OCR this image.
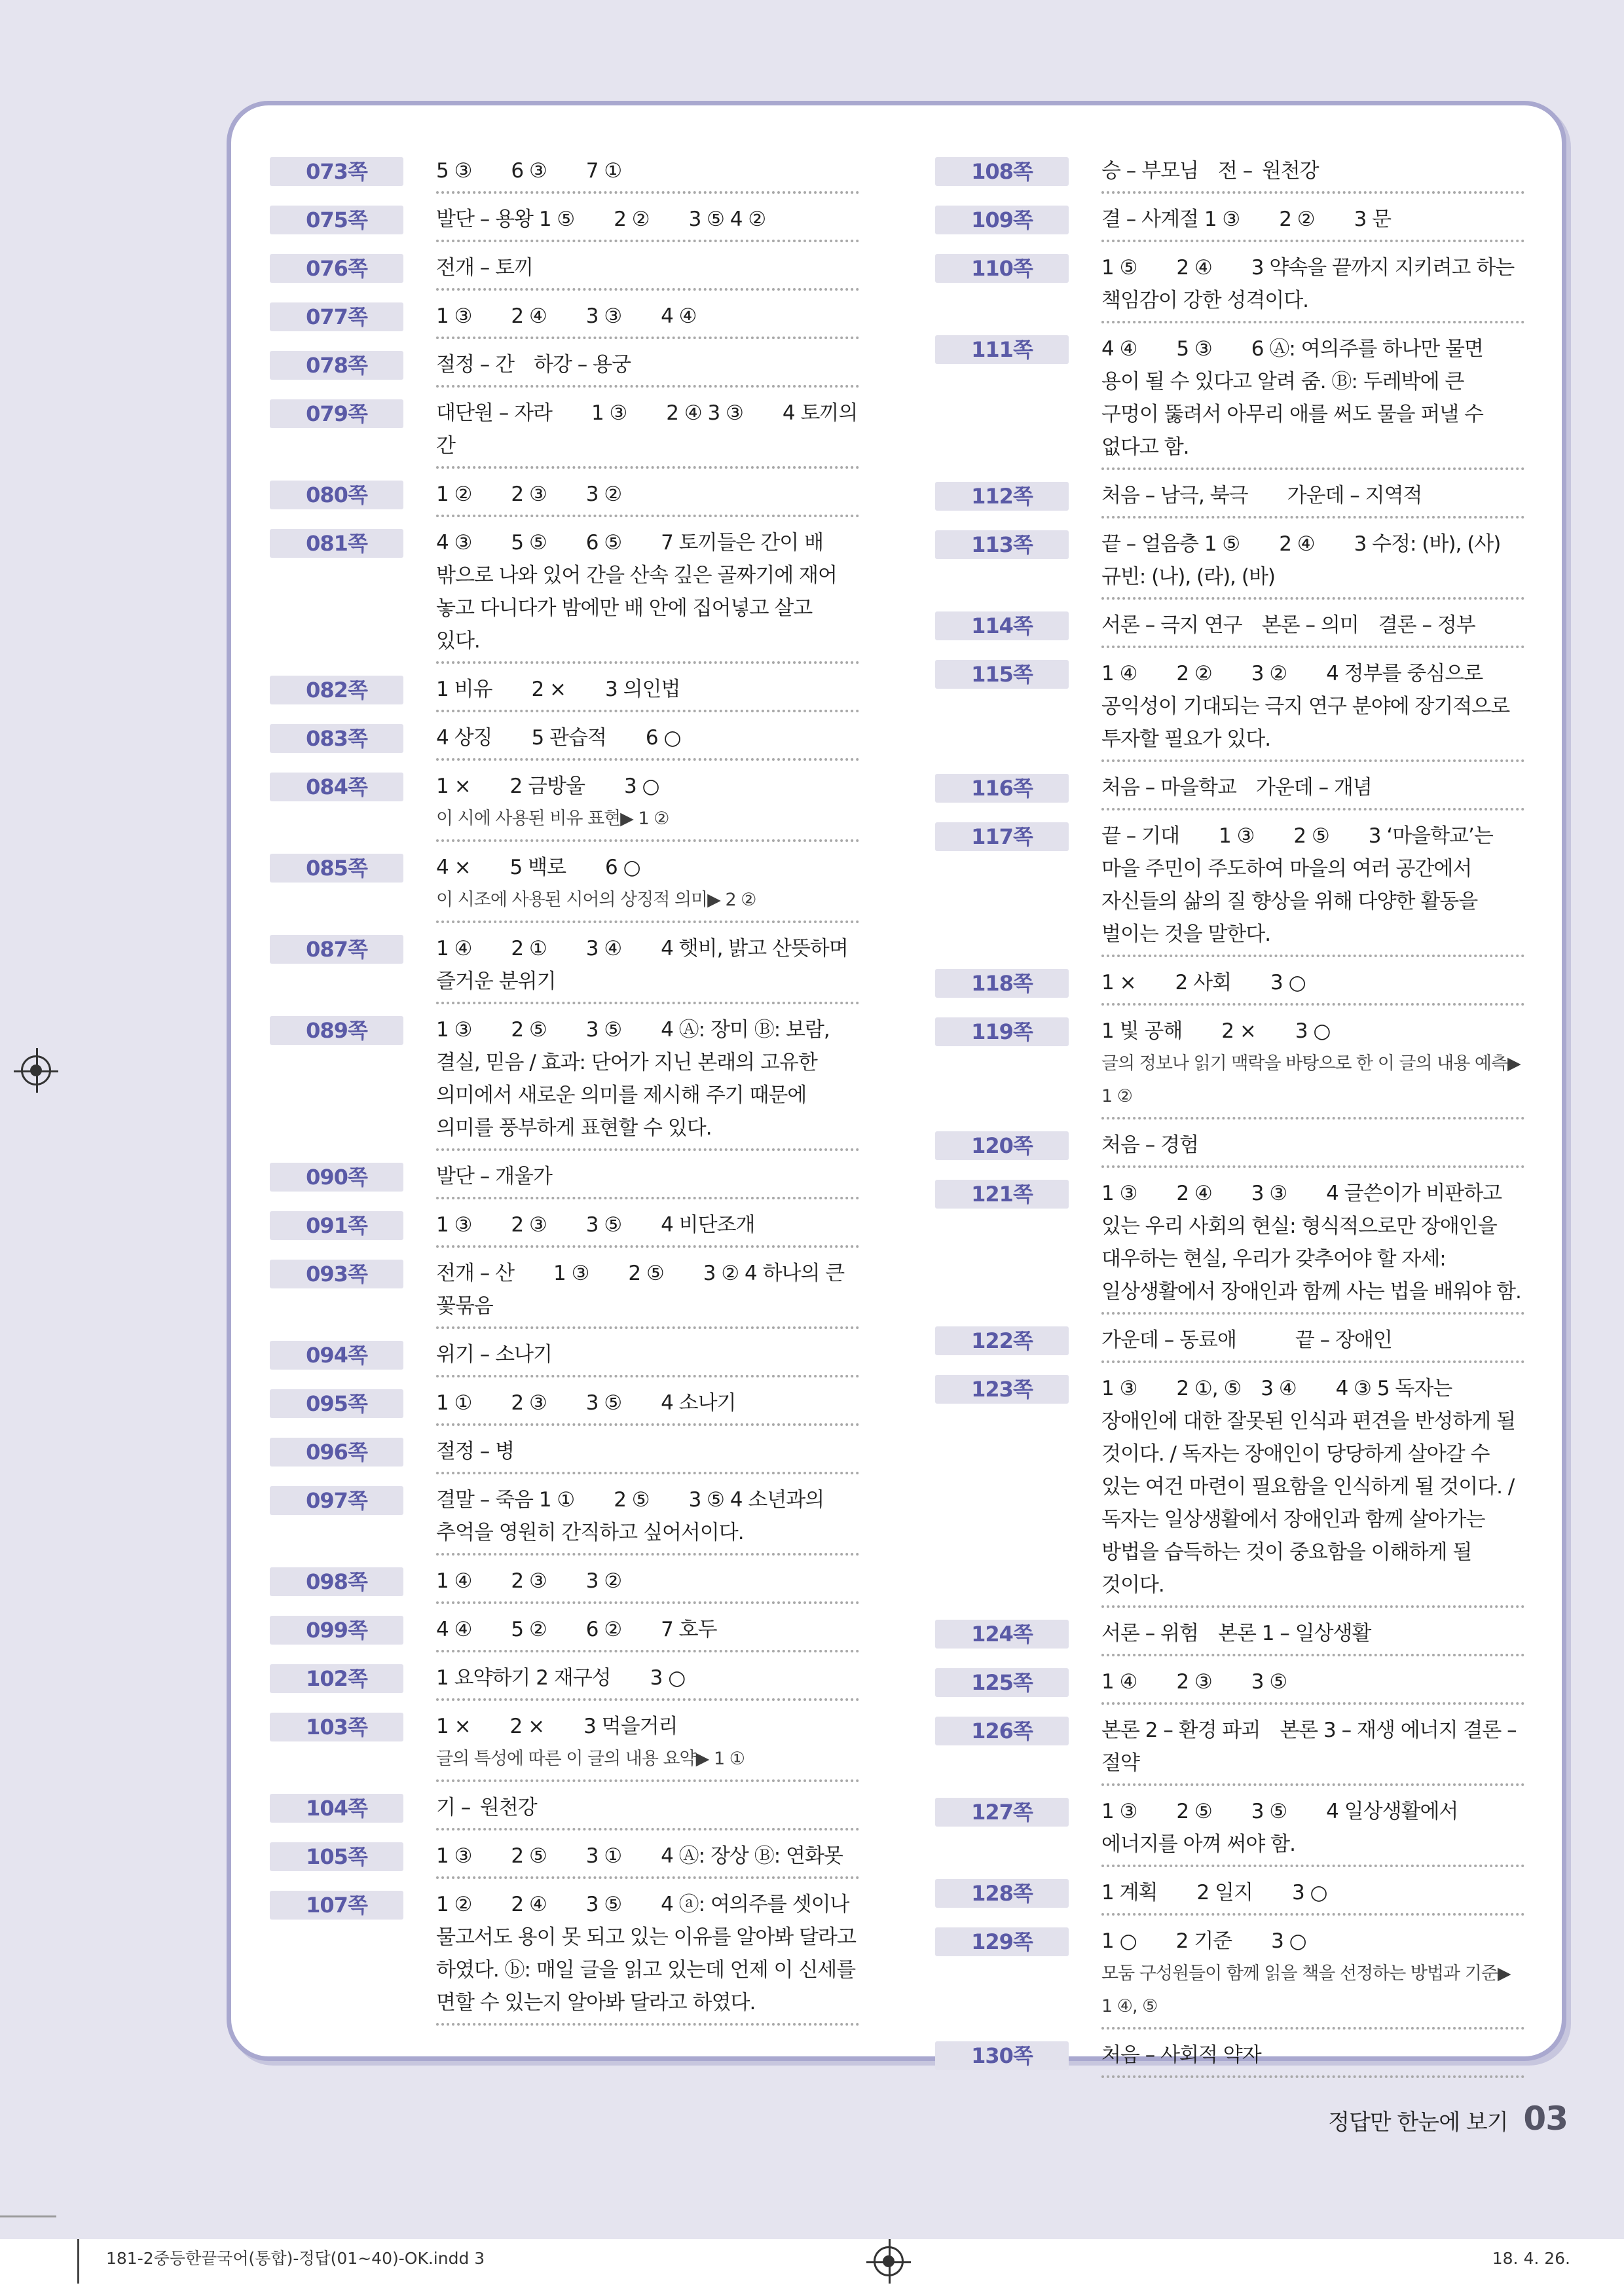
073쪽	5 ③  6 ③  7 ①
075쪽	발단 – 용왕 1 ⑤  2 ②  3 ⑤ 4 ②
076쪽	전개 – 토끼
077쪽	1 ③  2 ④  3 ③  4 ④
078쪽	절정 – 간 하강 – 용궁
079쪽	대단원 – 자라  1 ③  2 ④ 3 ③  4 토끼의 간
080쪽	1 ②  2 ③  3 ②
081쪽	4 ③  5 ⑤  6 ⑤  7 토끼들은 간이 배 밖으로 나와 있어 간을 산속 깊은 골짜기에 재어 놓고 다니다가 밤에만 배 안에 집어넣고 살고 있다.
082쪽	1 비유  2 ×  3 의인법
083쪽	4 상징  5 관습적  6 ○
084쪽	1 ×  2 금방울  3 ○
이 시에 사용된 비유 표현▶ 1 ②
085쪽	4 ×  5 백로  6 ○
이 시조에 사용된 시어의 상징적 의미▶ 2 ②
087쪽	1 ④  2 ①  3 ④  4 햇비, 밝고 산뜻하며 즐거운 분위기
089쪽	1 ③  2 ⑤  3 ⑤  4 Ⓐ: 장미 Ⓑ: 보람, 결실, 믿음 / 효과: 단어가 지닌 본래의 고유한 의미에서 새로운 의미를 제시해 주기 때문에 의미를 풍부하게 표현할 수 있다.
090쪽	발단 – 개울가
091쪽	1 ③  2 ③  3 ⑤  4 비단조개
093쪽	전개 – 산  1 ③  2 ⑤  3 ② 4 하나의 큰 꽃묶음
094쪽	위기 – 소나기
095쪽	1 ①  2 ③  3 ⑤  4 소나기
096쪽	절정 – 병
097쪽	결말 – 죽음 1 ①  2 ⑤  3 ⑤ 4 소년과의 추억을 영원히 간직하고 싶어서이다.
098쪽	1 ④  2 ③  3 ②
099쪽	4 ④  5 ②  6 ②  7 호두
102쪽	1 요약하기 2 재구성  3 ○
103쪽	1 ×  2 ×  3 먹을거리
글의 특성에 따른 이 글의 내용 요약▶ 1 ①
104쪽	기 – 원천강
105쪽	1 ③  2 ⑤  3 ①  4 Ⓐ: 장상 Ⓑ: 연화못
107쪽	1 ②  2 ④  3 ⑤  4 ⓐ: 여의주를 셋이나 물고서도 용이 못 되고 있는 이유를 알아봐 달라고 하였다. ⓑ: 매일 글을 읽고 있는데 언제 이 신세를 면할 수 있는지 알아봐 달라고 하였다.
108쪽	승 – 부모님 전 – 원천강
109쪽	결 – 사계절 1 ③  2 ②  3 문
110쪽	1 ⑤  2 ④  3 약속을 끝까지 지키려고 하는 책임감이 강한 성격이다.
111쪽	4 ④  5 ③  6 Ⓐ: 여의주를 하나만 물면 용이 될 수 있다고 알려 줌. Ⓑ: 두레박에 큰 구멍이 뚫려서 아무리 애를 써도 물을 퍼낼 수 없다고 함.
112쪽	처음 – 남극, 북극  가운데 – 지역적
113쪽	끝 – 얼음층 1 ⑤  2 ④  3 수정: (바), (사) 규빈: (나), (라), (바)
114쪽	서론 – 극지 연구 본론 – 의미 결론 – 정부
115쪽	1 ④  2 ②  3 ②  4 정부를 중심으로 공익성이 기대되는 극지 연구 분야에 장기적으로 투자할 필요가 있다.
116쪽	처음 – 마을학교 가운데 – 개념
117쪽	끝 – 기대  1 ③  2 ⑤  3 ‘마을학교’는 마을 주민이 주도하여 마을의 여러 공간에서 자신들의 삶의 질 향상을 위해 다양한 활동을 벌이는 것을 말한다.
118쪽	1 ×  2 사회  3 ○
119쪽	1 빛 공해  2 ×  3 ○
글의 정보나 읽기 맥락을 바탕으로 한 이 글의 내용 예측▶ 1 ②
120쪽	처음 – 경험
121쪽	1 ③  2 ④  3 ③  4 글쓴이가 비판하고 있는 우리 사회의 현실: 형식적으로만 장애인을 대우하는 현실, 우리가 갖추어야 할 자세: 일상생활에서 장애인과 함께 사는 법을 배워야 함.
122쪽	가운데 – 동료애   끝 – 장애인
123쪽	1 ③  2 ①, ⑤ 3 ④  4 ③ 5 독자는 장애인에 대한 잘못된 인식과 편견을 반성하게 될 것이다. / 독자는 장애인이 당당하게 살아갈 수 있는 여건 마련이 필요함을 인식하게 될 것이다. / 독자는 일상생활에서 장애인과 함께 살아가는 방법을 습득하는 것이 중요함을 이해하게 될 것이다.
124쪽	서론 – 위험 본론 1 – 일상생활
125쪽	1 ④  2 ③  3 ⑤
126쪽	본론 2 – 환경 파괴 본론 3 – 재생 에너지 결론 – 절약
127쪽	1 ③  2 ⑤  3 ⑤  4 일상생활에서 에너지를 아껴 써야 함.
128쪽	1 계획  2 일지  3 ○
129쪽	1 ○  2 기준  3 ○
모둠 구성원들이 함께 읽을 책을 선정하는 방법과 기준▶ 1 ④, ⑤
130쪽	처음 – 사회적 약자
정답만 한눈에 보기 03
181-2중등한끝국어(통합)-정답(01~40)-OK.indd 3	18. 4. 26.
